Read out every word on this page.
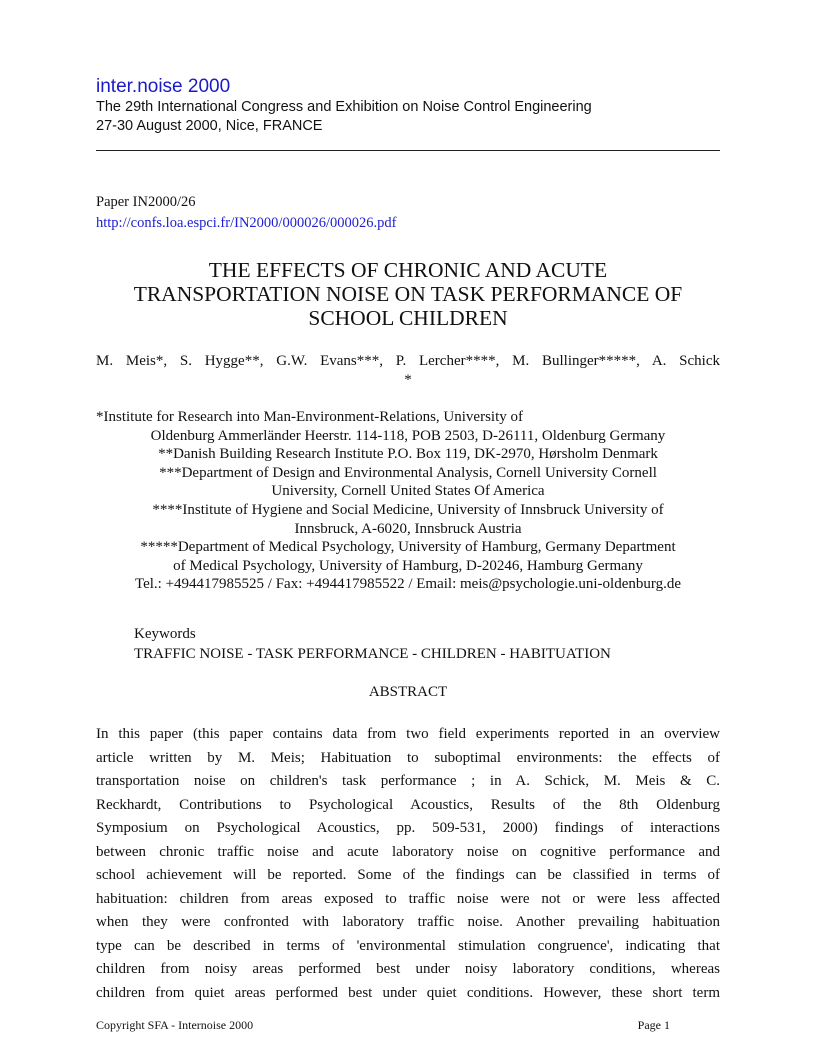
inter.noise 2000
The 29th International Congress and Exhibition on Noise Control Engineering
27-30 August 2000, Nice, FRANCE
Paper IN2000/26
http://confs.loa.espci.fr/IN2000/000026/000026.pdf
THE EFFECTS OF CHRONIC AND ACUTE
TRANSPORTATION NOISE ON TASK PERFORMANCE OF
SCHOOL CHILDREN
M. Meis*, S. Hygge**, G.W. Evans***, P. Lercher****, M. Bullinger*****, A. Schick
*
*Institute for Research into Man-Environment-Relations, University of
Oldenburg Ammerländer Heerstr. 114-118, POB 2503, D-26111, Oldenburg Germany
**Danish Building Research Institute P.O. Box 119, DK-2970, Hørsholm Denmark
***Department of Design and Environmental Analysis, Cornell University Cornell
University, Cornell United States Of America
****Institute of Hygiene and Social Medicine, University of Innsbruck University of
Innsbruck, A-6020, Innsbruck Austria
*****Department of Medical Psychology, University of Hamburg, Germany Department
of Medical Psychology, University of Hamburg, D-20246, Hamburg Germany
Tel.: +494417985525 / Fax: +494417985522 / Email: meis@psychologie.uni-oldenburg.de
Keywords
TRAFFIC NOISE - TASK PERFORMANCE - CHILDREN - HABITUATION
ABSTRACT
In this paper (this paper contains data from two field experiments reported in an overview
article written by M. Meis; Habituation to suboptimal environments: the effects of
transportation noise on children's task performance ; in A. Schick, M. Meis & C.
Reckhardt, Contributions to Psychological Acoustics, Results of the 8th Oldenburg
Symposium on Psychological Acoustics, pp. 509-531, 2000) findings of interactions
between chronic traffic noise and acute laboratory noise on cognitive performance and
school achievement will be reported. Some of the findings can be classified in terms of
habituation: children from areas exposed to traffic noise were not or were less affected
when they were confronted with laboratory traffic noise. Another prevailing habituation
type can be described in terms of 'environmental stimulation congruence', indicating that
children from noisy areas performed best under noisy laboratory conditions, whereas
children from quiet areas performed best under quiet conditions. However, these short term
Copyright SFA - Internoise 2000	Page 1
